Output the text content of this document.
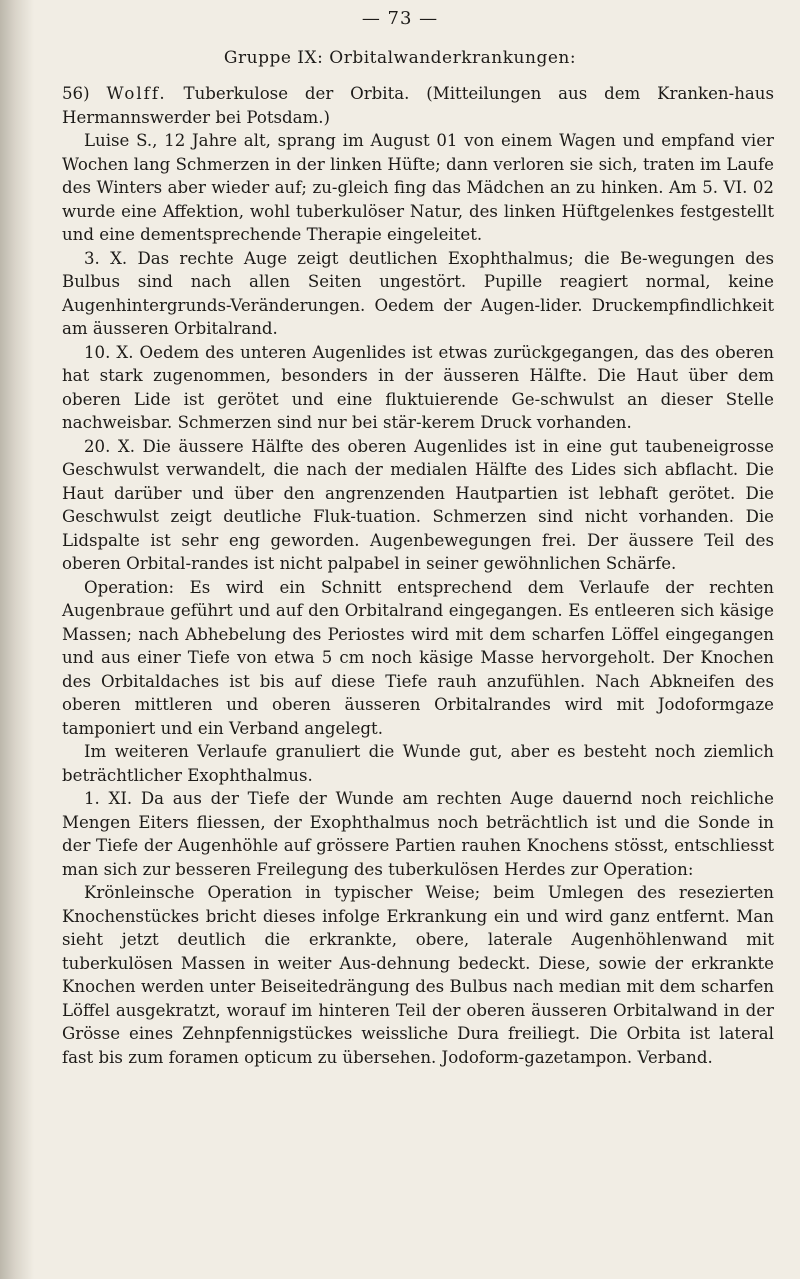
— 73 —
Gruppe IX: Orbitalwanderkrankungen:

56) Wolff. Tuberkulose der Orbita. (Mitteilungen aus dem Kranken-haus Hermannswerder bei Potsdam.)

Luise S., 12 Jahre alt, sprang im August 01 von einem Wagen und empfand vier Wochen lang Schmerzen in der linken Hüfte; dann verloren sie sich, traten im Laufe des Winters aber wieder auf; zu-gleich fing das Mädchen an zu hinken. Am 5. VI. 02 wurde eine Affektion, wohl tuberkulöser Natur, des linken Hüftgelenkes festgestellt und eine dementsprechende Therapie eingeleitet.

3. X. Das rechte Auge zeigt deutlichen Exophthalmus; die Be-wegungen des Bulbus sind nach allen Seiten ungestört. Pupille reagiert normal, keine Augenhintergrunds-Veränderungen. Oedem der Augen-lider. Druckempfindlichkeit am äusseren Orbitalrand.

10. X. Oedem des unteren Augenlides ist etwas zurückgegangen, das des oberen hat stark zugenommen, besonders in der äusseren Hälfte. Die Haut über dem oberen Lide ist gerötet und eine fluktuierende Ge-schwulst an dieser Stelle nachweisbar. Schmerzen sind nur bei stär-kerem Druck vorhanden.

20. X. Die äussere Hälfte des oberen Augenlides ist in eine gut taubeneigrosse Geschwulst verwandelt, die nach der medialen Hälfte des Lides sich abflacht. Die Haut darüber und über den angrenzenden Hautpartien ist lebhaft gerötet. Die Geschwulst zeigt deutliche Fluk-tuation. Schmerzen sind nicht vorhanden. Die Lidspalte ist sehr eng geworden. Augenbewegungen frei. Der äussere Teil des oberen Orbital-randes ist nicht palpabel in seiner gewöhnlichen Schärfe.

Operation: Es wird ein Schnitt entsprechend dem Verlaufe der rechten Augenbraue geführt und auf den Orbitalrand eingegangen. Es entleeren sich käsige Massen; nach Abhebelung des Periostes wird mit dem scharfen Löffel eingegangen und aus einer Tiefe von etwa 5 cm noch käsige Masse hervorgeholt. Der Knochen des Orbitaldaches ist bis auf diese Tiefe rauh anzufühlen. Nach Abkneifen des oberen mittleren und oberen äusseren Orbitalrandes wird mit Jodoformgaze tamponiert und ein Verband angelegt.

Im weiteren Verlaufe granuliert die Wunde gut, aber es besteht noch ziemlich beträchtlicher Exophthalmus.

1. XI. Da aus der Tiefe der Wunde am rechten Auge dauernd noch reichliche Mengen Eiters fliessen, der Exophthalmus noch beträchtlich ist und die Sonde in der Tiefe der Augenhöhle auf grössere Partien rauhen Knochens stösst, entschliesst man sich zur besseren Freilegung des tuberkulösen Herdes zur Operation:

Krönleinsche Operation in typischer Weise; beim Umlegen des resezierten Knochenstückes bricht dieses infolge Erkrankung ein und wird ganz entfernt. Man sieht jetzt deutlich die erkrankte, obere, laterale Augenhöhlenwand mit tuberkulösen Massen in weiter Aus-dehnung bedeckt. Diese, sowie der erkrankte Knochen werden unter Beiseitedrängung des Bulbus nach median mit dem scharfen Löffel ausgekratzt, worauf im hinteren Teil der oberen äusseren Orbitalwand in der Grösse eines Zehnpfennigstückes weissliche Dura freiliegt. Die Orbita ist lateral fast bis zum foramen opticum zu übersehen. Jodoform-gazetampon. Verband.
